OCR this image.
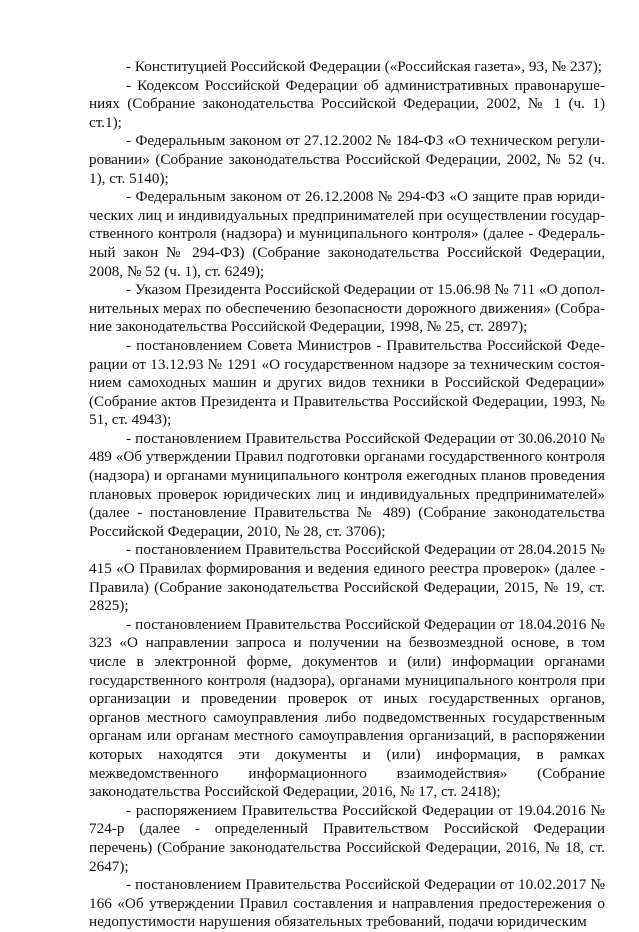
- Конституцией Российской Федерации («Российская газета», 93, № 237);

- Кодексом Российской Федерации об административных правонарушениях (Собрание законодательства Российской Федерации, 2002, № 1 (ч. 1) ст.1);

- Федеральным законом от 27.12.2002 № 184-ФЗ «О техническом регулировании» (Собрание законодательства Российской Федерации, 2002, № 52 (ч. 1), ст. 5140);

- Федеральным законом от 26.12.2008 № 294-ФЗ «О защите прав юридических лиц и индивидуальных предпринимателей при осуществлении государственного контроля (надзора) и муниципального контроля» (далее - Федеральный закон № 294-ФЗ) (Собрание законодательства Российской Федерации, 2008, № 52 (ч. 1), ст. 6249);

- Указом Президента Российской Федерации от 15.06.98 № 711 «О дополнительных мерах по обеспечению безопасности дорожного движения» (Собрание законодательства Российской Федерации, 1998, № 25, ст. 2897);

- постановлением Совета Министров - Правительства Российской Федерации от 13.12.93 № 1291 «О государственном надзоре за техническим состоянием самоходных машин и других видов техники в Российской Федерации» (Собрание актов Президента и Правительства Российской Федерации, 1993, № 51, ст. 4943);

- постановлением Правительства Российской Федерации от 30.06.2010 № 489 «Об утверждении Правил подготовки органами государственного контроля (надзора) и органами муниципального контроля ежегодных планов проведения плановых проверок юридических лиц и индивидуальных предпринимателей» (далее - постановление Правительства № 489) (Собрание законодательства Российской Федерации, 2010, № 28, ст. 3706);

- постановлением Правительства Российской Федерации от 28.04.2015 № 415 «О Правилах формирования и ведения единого реестра проверок» (далее - Правила) (Собрание законодательства Российской Федерации, 2015, № 19, ст. 2825);

- постановлением Правительства Российской Федерации от 18.04.2016 № 323 «О направлении запроса и получении на безвозмездной основе, в том числе в электронной форме, документов и (или) информации органами государственного контроля (надзора), органами муниципального контроля при организации и проведении проверок от иных государственных органов, органов местного самоуправления либо подведомственных государственным органам или органам местного самоуправления организаций, в распоряжении которых находятся эти документы и (или) информация, в рамках межведомственного информационного взаимодействия» (Собрание законодательства Российской Федерации, 2016, № 17, ст. 2418);

- распоряжением Правительства Российской Федерации от 19.04.2016 № 724-р (далее - определенный Правительством Российской Федерации перечень) (Собрание законодательства Российской Федерации, 2016, № 18, ст. 2647);

- постановлением Правительства Российской Федерации от 10.02.2017 № 166 «Об утверждении Правил составления и направления предостережения о недопустимости нарушения обязательных требований, подачи юридическим
